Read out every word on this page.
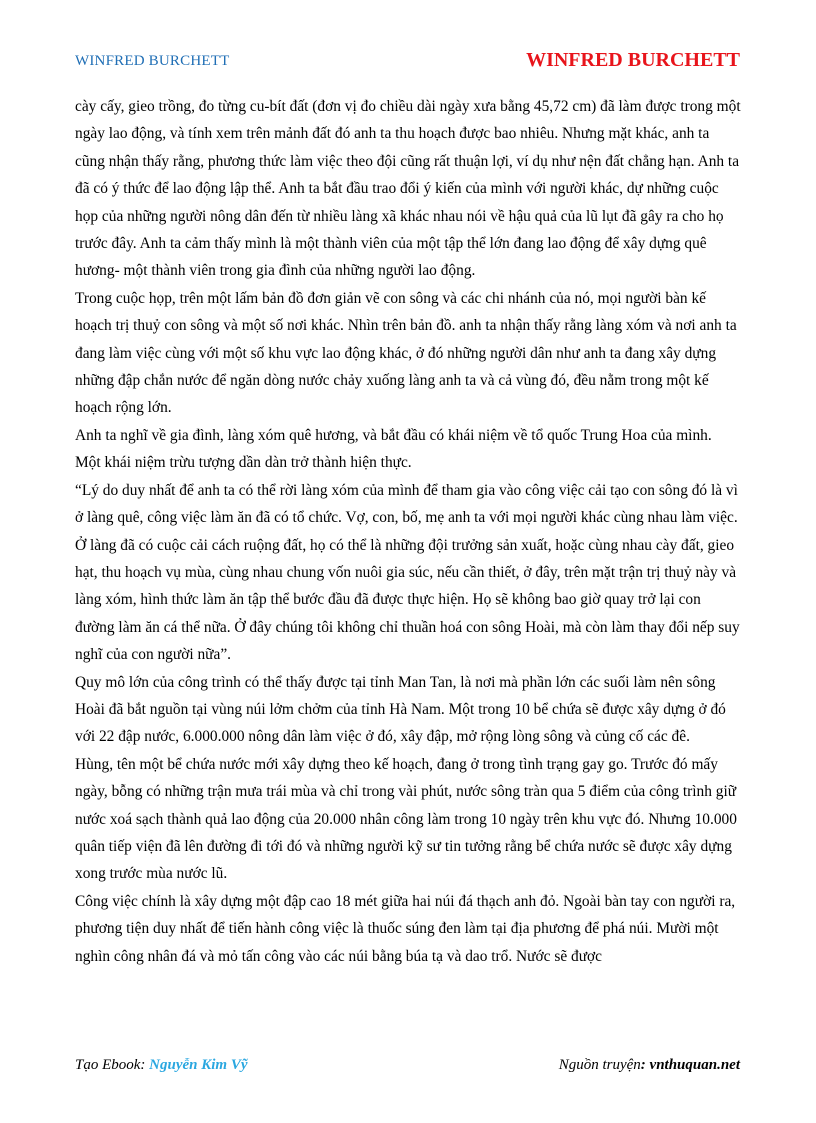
WINFRED BURCHETT	WINFRED BURCHETT

cày cấy, gieo trồng, đo từng cu-bít đất (đơn vị đo chiều dài ngày xưa bằng 45,72 cm) đã làm được trong một ngày lao động, và tính xem trên mảnh đất đó anh ta thu hoạch được bao nhiêu. Nhưng mặt khác, anh ta cũng nhận thấy rằng, phương thức làm việc theo đội cũng rất thuận lợi, ví dụ như nện đất chẳng hạn. Anh ta đã có ý thức để lao động lập thể. Anh ta bắt đầu trao đổi ý kiến của mình với người khác, dự những cuộc họp của những người nông dân đến từ nhiều làng xã khác nhau nói về hậu quả của lũ lụt đã gây ra cho họ trước đây. Anh ta cảm thấy mình là một thành viên của một tập thể lớn đang lao động để xây dựng quê hương- một thành viên trong gia đình của những người lao động.

Trong cuộc họp, trên một lấm bản đồ đơn giản vẽ con sông và các chi nhánh của nó, mọi người bàn kế hoạch trị thuỷ con sông và một số nơi khác. Nhìn trên bản đồ. anh ta nhận thấy rằng làng xóm và nơi anh ta đang làm việc cùng với một số khu vực lao động khác, ở đó những người dân như anh ta đang xây dựng những đập chắn nước để ngăn dòng nước chảy xuống làng anh ta và cả vùng đó, đều nằm trong một kế hoạch rộng lớn.

Anh ta nghĩ về gia đình, làng xóm quê hương, và bắt đầu có khái niệm về tổ quốc Trung Hoa của mình. Một khái niệm trừu tượng dần dàn trở thành hiện thực.

“Lý do duy nhất để anh ta có thể rời làng xóm của mình để tham gia vào công việc cải tạo con sông đó là vì ở làng quê, công việc làm ăn đã có tổ chức. Vợ, con, bố, mẹ anh ta với mọi người khác cùng nhau làm việc. Ở làng đã có cuộc cải cách ruộng đất, họ có thể là những đội trưởng sản xuất, hoặc cùng nhau cày đất, gieo hạt, thu hoạch vụ mùa, cùng nhau chung vốn nuôi gia súc, nếu cần thiết, ở đây, trên mặt trận trị thuỷ này và làng xóm, hình thức làm ăn tập thể bước đầu đã được thực hiện. Họ sẽ không bao giờ quay trở lại con đường làm ăn cá thể nữa. Ở đây chúng tôi không chỉ thuần hoá con sông Hoài, mà còn làm thay đổi nếp suy nghĩ của con người nữa”.

Quy mô lớn của công trình có thể thấy được tại tỉnh Man Tan, là nơi mà phần lớn các suối làm nên sông Hoài đã bắt nguồn tại vùng núi lởm chởm của tỉnh Hà Nam. Một trong 10 bể chứa sẽ được xây dựng ở đó với 22 đập nước, 6.000.000 nông dân làm việc ở đó, xây đập, mở rộng lòng sông và củng cố các đê.

Hùng, tên một bể chứa nước mới xây dựng theo kế hoạch, đang ở trong tình trạng gay go. Trước đó mấy ngày, bỗng có những trận mưa trái mùa và chỉ trong vài phút, nước sông tràn qua 5 điểm của công trình giữ nước xoá sạch thành quả lao động của 20.000 nhân công làm trong 10 ngày trên khu vực đó. Nhưng 10.000 quân tiếp viện đã lên đường đi tới đó và những người kỹ sư tin tưởng rằng bể chứa nước sẽ được xây dựng xong trước mùa nước lũ.

Công việc chính là xây dựng một đập cao 18 mét giữa hai núi đá thạch anh đỏ. Ngoài bàn tay con người ra, phương tiện duy nhất để tiến hành công việc là thuốc súng đen làm tại địa phương để phá núi. Mười một nghìn công nhân đá và mỏ tấn công vào các núi bằng búa tạ và dao trổ. Nước sẽ được

Tạo Ebook: Nguyễn Kim Vỹ	Nguồn truyện: vnthuquan.net
